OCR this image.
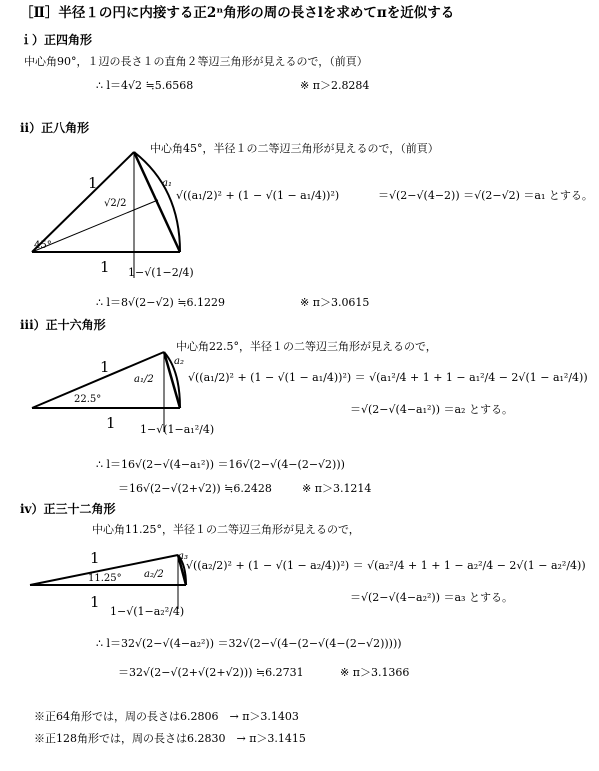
［Ⅱ］半径１の円に内接する正2ⁿ角形の周の長さlを求めてπを近似する
ｉ）正四角形
中心角90°，１辺の長さ１の直角２等辺三角形が見えるので，（前頁）
∴ l＝4√2 ≒5.6568	※ π＞2.8284
ii）正八角形
中心角45°，半径１の二等辺三角形が見えるので，（前頁）
45°
1
1
√2/2
a₁
1−√(1−2/4)
√((a₁/2)² + (1 − √(1 − a₁/4))²)	＝√(2−√(4−2)) ＝√(2−√2) ＝a₁ とする。
∴ l＝8√(2−√2) ≒6.1229	※ π＞3.0615
iii）正十六角形
中心角22.5°，半径１の二等辺三角形が見えるので，
22.5°
1
1
a₁/2
a₂
1−√(1−a₁²/4)
√((a₁/2)² + (1 − √(1 − a₁/4))²) ＝ √(a₁²/4 + 1 + 1 − a₁²/4 − 2√(1 − a₁²/4))
＝√(2−√(4−a₁²)) ＝a₂ とする。
∴ l＝16√(2−√(4−a₁²)) ＝16√(2−√(4−(2−√2)))
＝16√(2−√(2+√2)) ≒6.2428	※ π＞3.1214
iv）正三十二角形
中心角11.25°，半径１の二等辺三角形が見えるので，
11.25°
1
1
a₂/2
a₃
1−√(1−a₂²/4)
√((a₂/2)² + (1 − √(1 − a₂/4))²) ＝ √(a₂²/4 + 1 + 1 − a₂²/4 − 2√(1 − a₂²/4))
＝√(2−√(4−a₂²)) ＝a₃ とする。
∴ l＝32√(2−√(4−a₂²)) ＝32√(2−√(4−(2−√(4−(2−√2)))))
＝32√(2−√(2+√(2+√2))) ≒6.2731	※ π＞3.1366
※正64角形では，周の長さは6.2806　→ π＞3.1403
※正128角形では，周の長さは6.2830　→ π＞3.1415
